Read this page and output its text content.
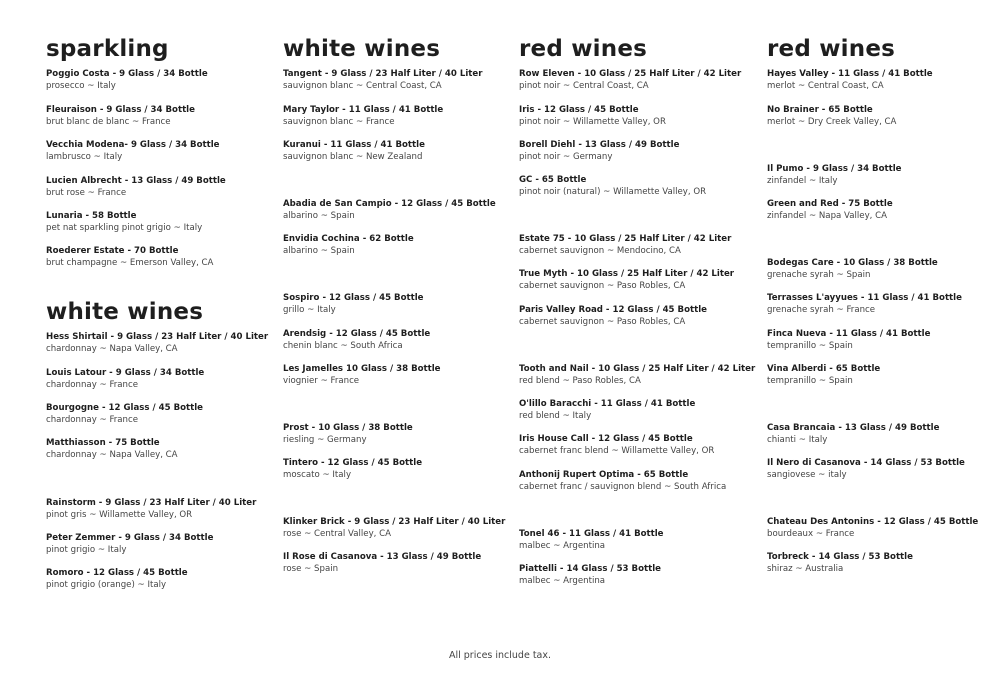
sparkling
Poggio Costa - 9 Glass / 34 Bottle
prosecco ~ Italy
Fleuraison - 9 Glass / 34 Bottle
brut blanc de blanc ~ France
Vecchia Modena- 9 Glass / 34 Bottle
lambrusco ~ Italy
Lucien Albrecht - 13 Glass / 49 Bottle
brut rose ~ France
Lunaria - 58 Bottle
pet nat sparkling pinot grigio ~ Italy
Roederer Estate - 70 Bottle
brut champagne ~ Emerson Valley, CA
white wines
Hess Shirtail - 9 Glass / 23 Half Liter / 40 Liter
chardonnay ~ Napa Valley, CA
Louis Latour - 9 Glass / 34 Bottle
chardonnay ~ France
Bourgogne - 12 Glass / 45 Bottle
chardonnay ~ France
Matthiasson - 75 Bottle
chardonnay ~ Napa Valley, CA
Rainstorm - 9 Glass / 23 Half Liter / 40 Liter
pinot gris ~ Willamette Valley, OR
Peter Zemmer - 9 Glass / 34 Bottle
pinot grigio ~ Italy
Romoro - 12 Glass / 45 Bottle
pinot grigio (orange) ~ Italy
white wines
Tangent - 9 Glass / 23 Half Liter / 40 Liter
sauvignon blanc ~ Central Coast, CA
Mary Taylor - 11 Glass / 41 Bottle
sauvignon blanc ~ France
Kuranui - 11 Glass / 41 Bottle
sauvignon blanc ~ New Zealand
Abadia de San Campio - 12 Glass / 45 Bottle
albarino ~ Spain
Envidia Cochina - 62 Bottle
albarino ~ Spain
Sospiro - 12 Glass / 45 Bottle
grillo ~ Italy
Arendsig - 12 Glass / 45 Bottle
chenin blanc ~ South Africa
Les Jamelles 10 Glass / 38 Bottle
viognier ~ France
Prost - 10 Glass / 38 Bottle
riesling ~ Germany
Tintero - 12 Glass / 45 Bottle
moscato ~ Italy
Klinker Brick - 9 Glass / 23 Half Liter / 40 Liter
rose ~ Central Valley, CA
Il Rose di Casanova - 13 Glass / 49 Bottle
rose ~ Spain
red wines
Row Eleven - 10 Glass / 25 Half Liter / 42 Liter
pinot noir ~ Central Coast, CA
Iris - 12 Glass / 45 Bottle
pinot noir ~ Willamette Valley, OR
Borell Diehl - 13 Glass / 49 Bottle
pinot noir ~ Germany
GC - 65 Bottle
pinot noir (natural) ~ Willamette Valley, OR
Estate 75 - 10 Glass / 25 Half Liter / 42 Liter
cabernet sauvignon ~ Mendocino, CA
True Myth - 10 Glass / 25 Half Liter / 42 Liter
cabernet sauvignon ~ Paso Robles, CA
Paris Valley Road - 12 Glass / 45 Bottle
cabernet sauvignon ~ Paso Robles, CA
Tooth and Nail - 10 Glass / 25 Half Liter / 42 Liter
red blend ~ Paso Robles, CA
O'lillo Baracchi - 11 Glass / 41 Bottle
red blend ~ Italy
Iris House Call - 12 Glass / 45 Bottle
cabernet franc blend ~ Willamette Valley, OR
Anthonij Rupert Optima - 65 Bottle
cabernet franc / sauvignon blend ~ South Africa
Tonel 46 - 11 Glass / 41 Bottle
malbec ~ Argentina
Piattelli - 14 Glass / 53 Bottle
malbec ~ Argentina
red wines
Hayes Valley - 11 Glass / 41 Bottle
merlot ~ Central Coast, CA
No Brainer - 65 Bottle
merlot ~ Dry Creek Valley, CA
Il Pumo - 9 Glass / 34 Bottle
zinfandel ~ Italy
Green and Red - 75 Bottle
zinfandel ~ Napa Valley, CA
Bodegas Care - 10 Glass / 38 Bottle
grenache syrah ~ Spain
Terrasses L'ayyues - 11 Glass / 41 Bottle
grenache syrah ~ France
Finca Nueva - 11 Glass / 41 Bottle
tempranillo ~ Spain
Vina Alberdi - 65 Bottle
tempranillo ~ Spain
Casa Brancaia - 13 Glass / 49 Bottle
chianti ~ Italy
Il Nero di Casanova - 14 Glass / 53 Bottle
sangiovese ~ italy
Chateau Des Antonins - 12 Glass / 45 Bottle
bourdeaux ~ France
Torbreck - 14 Glass / 53 Bottle
shiraz ~ Australia
All prices include tax.
